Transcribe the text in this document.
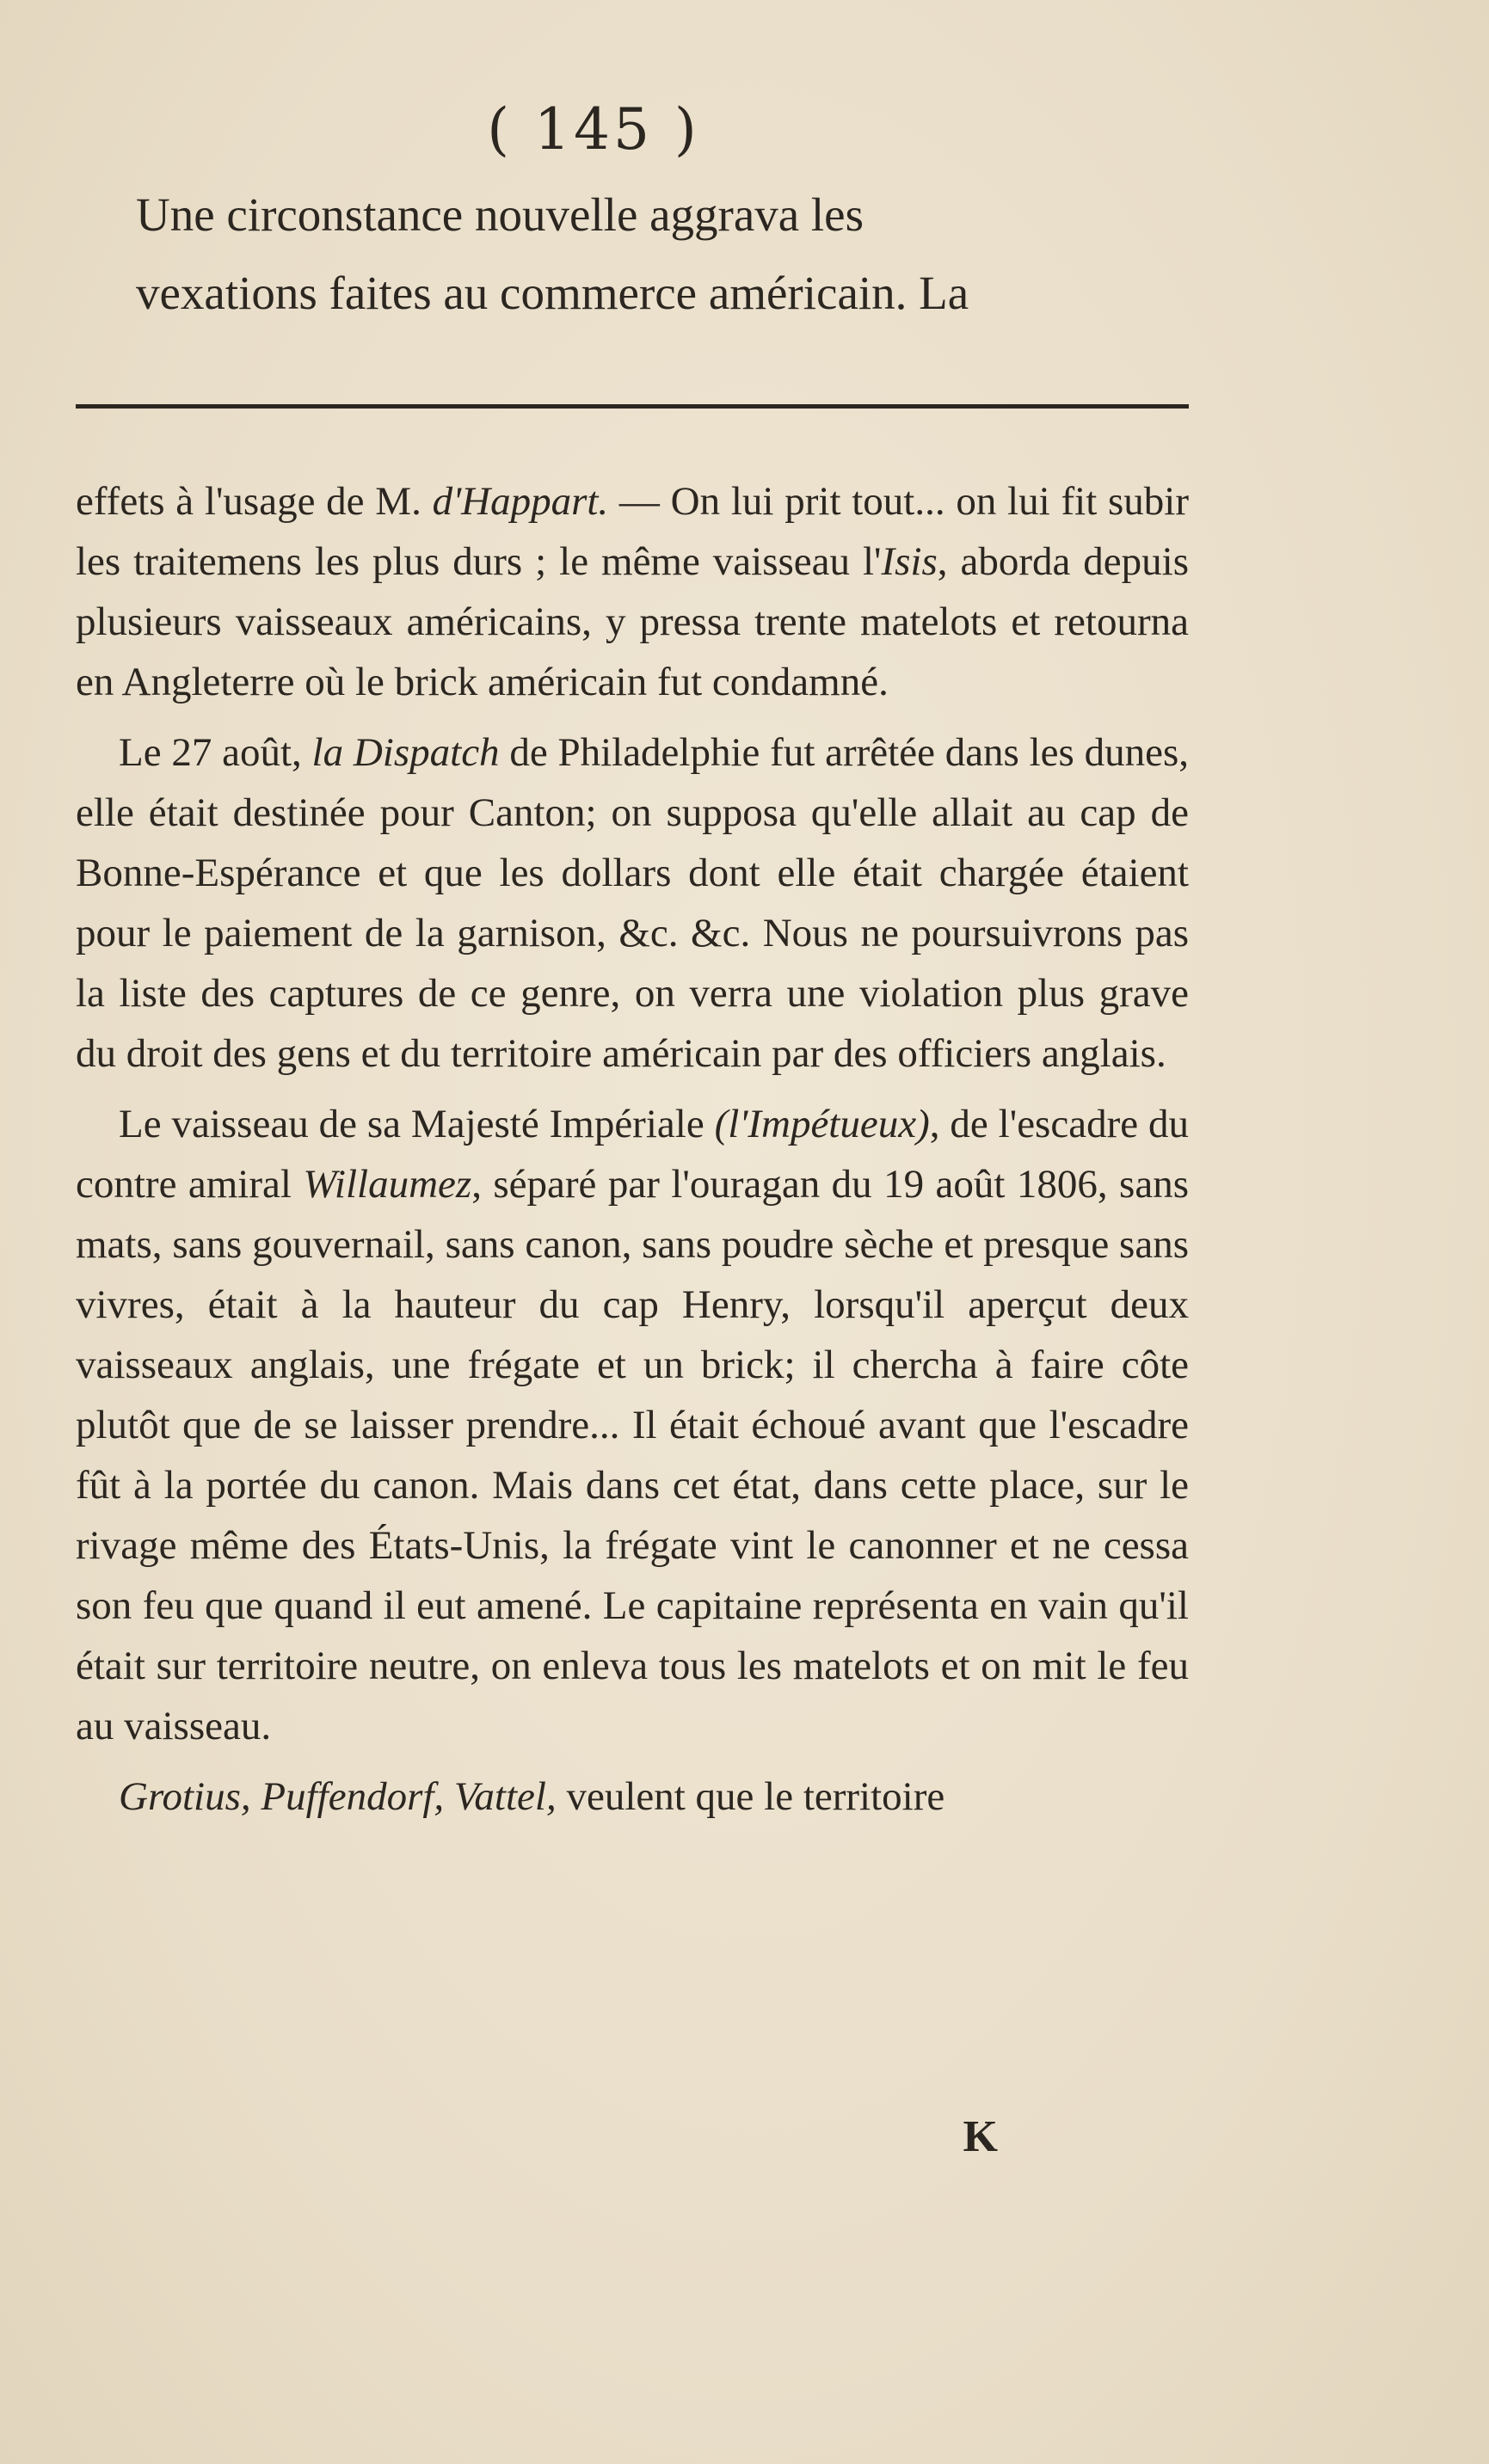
( 145 )
Une circonstance nouvelle aggrava les
vexations faites au commerce américain. La

effets à l'usage de M. d'Happart. — On lui prit tout... on lui fit subir les traitemens les plus durs ; le même vaisseau l'Isis, aborda depuis plusieurs vaisseaux américains, y pressa trente matelots et retourna en Angleterre où le brick américain fut condamné.

Le 27 août, la Dispatch de Philadelphie fut arrêtée dans les dunes, elle était destinée pour Canton; on supposa qu'elle allait au cap de Bonne-Espérance et que les dollars dont elle était chargée étaient pour le paiement de la garnison, &c. &c. Nous ne poursuivrons pas la liste des captures de ce genre, on verra une violation plus grave du droit des gens et du territoire américain par des officiers anglais.

Le vaisseau de sa Majesté Impériale (l'Impétueux), de l'escadre du contre amiral Willaumez, séparé par l'ouragan du 19 août 1806, sans mats, sans gouvernail, sans canon, sans poudre sèche et presque sans vivres, était à la hauteur du cap Henry, lorsqu'il aperçut deux vaisseaux anglais, une frégate et un brick; il chercha à faire côte plutôt que de se laisser prendre... Il était échoué avant que l'escadre fût à la portée du canon. Mais dans cet état, dans cette place, sur le rivage même des États-Unis, la frégate vint le canonner et ne cessa son feu que quand il eut amené. Le capitaine représenta en vain qu'il était sur territoire neutre, on enleva tous les matelots et on mit le feu au vaisseau.

Grotius, Puffendorf, Vattel, veulent que le territoire

K
